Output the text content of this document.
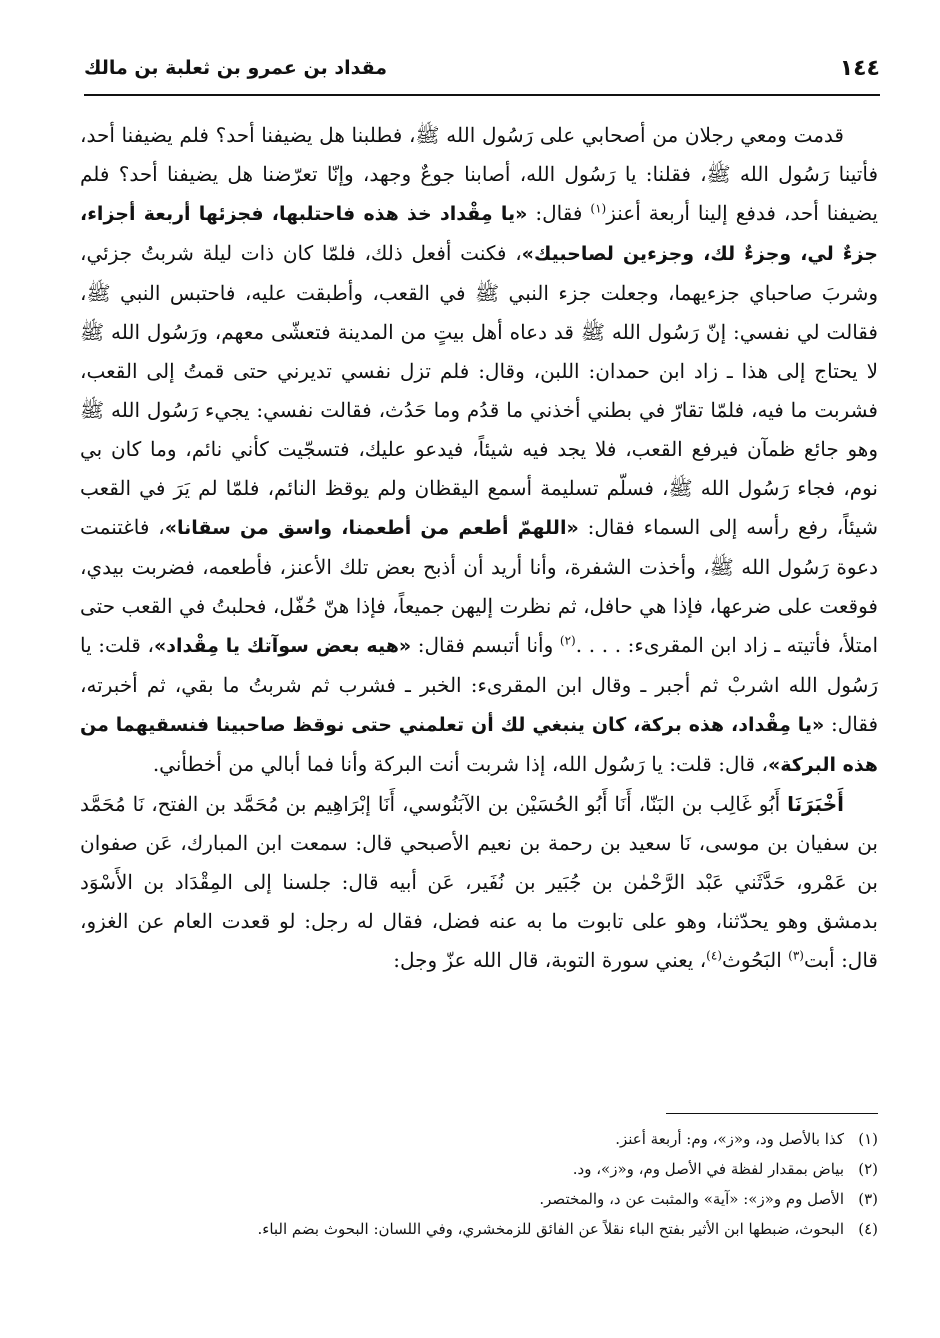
١٤٤
مقداد بن عمرو بن ثعلبة بن مالك

قدمت ومعي رجلان من أصحابي على رَسُول الله ﷺ، فطلبنا هل يضيفنا أحد؟ فلم يضيفنا أحد، فأتينا رَسُول الله ﷺ، فقلنا: يا رَسُول الله، أصابنا جوعٌ وجهد، وإنّا تعرّضنا هل يضيفنا أحد؟ فلم يضيفنا أحد، فدفع إلينا أربعة أعنز$^{(١)}$ فقال: «يا مِقْداد خذ هذه فاحتلبها، فجزئها أربعة أجزاء، جزءٌ لي، وجزءٌ لك، وجزءين لصاحبيك»، فكنت أفعل ذلك، فلمّا كان ذات ليلة شربتُ جزئي، وشربَ صاحباي جزءيهما، وجعلت جزء النبي ﷺ في القعب، وأطبقت عليه، فاحتبس النبي ﷺ، فقالت لي نفسي: إنّ رَسُول الله ﷺ قد دعاه أهل بيتٍ من المدينة فتعشّى معهم، ورَسُول الله ﷺ لا يحتاج إلى هذا ـ زاد ابن حمدان: اللبن، وقال: فلم تزل نفسي تديرني حتى قمتُ إلى القعب، فشربت ما فيه، فلمّا تقارّ في بطني أخذني ما قدُم وما حَدُث، فقالت نفسي: يجيء رَسُول الله ﷺ وهو جائع ظمآن فيرفع القعب، فلا يجد فيه شيئاً، فيدعو عليك، فتسجّيت كأني نائم، وما كان بي نوم، فجاء رَسُول الله ﷺ، فسلّم تسليمة أسمع اليقظان ولم يوقظ النائم، فلمّا لم يَرَ في القعب شيئاً، رفع رأسه إلى السماء فقال: «اللهمّ أطعم من أطعمنا، واسق من سقانا»، فاغتنمت دعوة رَسُول الله ﷺ، وأخذت الشفرة، وأنا أريد أن أذبح بعض تلك الأعنز، فأطعمه، فضربت بيدي، فوقعت على ضرعها، فإذا هي حافل، ثم نظرت إليهن جميعاً، فإذا هنّ حُفّل، فحلبتُ في القعب حتى امتلأ، فأتيته ـ زاد ابن المقرىء: . . . .$^{(٢)}$ وأنا أتبسم فقال: «هيه بعض سوآتك يا مِقْداد»، قلت: يا رَسُول الله اشربْ ثم أجبر ـ وقال ابن المقرىء: الخبر ـ فشرب ثم شربتُ ما بقي، ثم أخبرته، فقال: «يا مِقْداد، هذه بركة، كان ينبغي لك أن تعلمني حتى نوقظ صاحبينا فنسقيهما من هذه البركة»، قال: قلت: يا رَسُول الله، إذا شربت أنت البركة وأنا فما أبالي من أخطأني.

أَخْبَرَنَا أَبُو غَالِب بن البَنّا، أَنَا أَبُو الحُسَيْن بن الآبَنُوسي، أَنَا إبْرَاهِيم بن مُحَمَّد بن الفتح، نَا مُحَمَّد بن سفيان بن موسى، نَا سعيد بن رحمة بن نعيم الأصبحي قال: سمعت ابن المبارك، عَن صفوان بن عَمْرو، حَدَّثَني عَبْد الرَّحْمٰن بن جُبَير بن نُفَير، عَن أبيه قال: جلسنا إلى المِقْدَاد بن الأَسْوَد بدمشق وهو يحدّثنا، وهو على تابوت ما به عنه فضل، فقال له رجل: لو قعدت العام عن الغزو، قال: أبت$^{(٣)}$ البَحُوث$^{(٤)}$، يعني سورة التوبة، قال الله عزّ وجل:

(١)
كذا بالأصل ود، و«ز»، وم: أربعة أعنز.
(٢)
بياض بمقدار لفظة في الأصل وم، و«ز»، ود.
(٣)
الأصل وم و«ز»: «آية» والمثبت عن د، والمختصر.
(٤)
البحوث، ضبطها ابن الأثير بفتح الباء نقلاً عن الفائق للزمخشري، وفي اللسان: البحوث بضم الباء.
